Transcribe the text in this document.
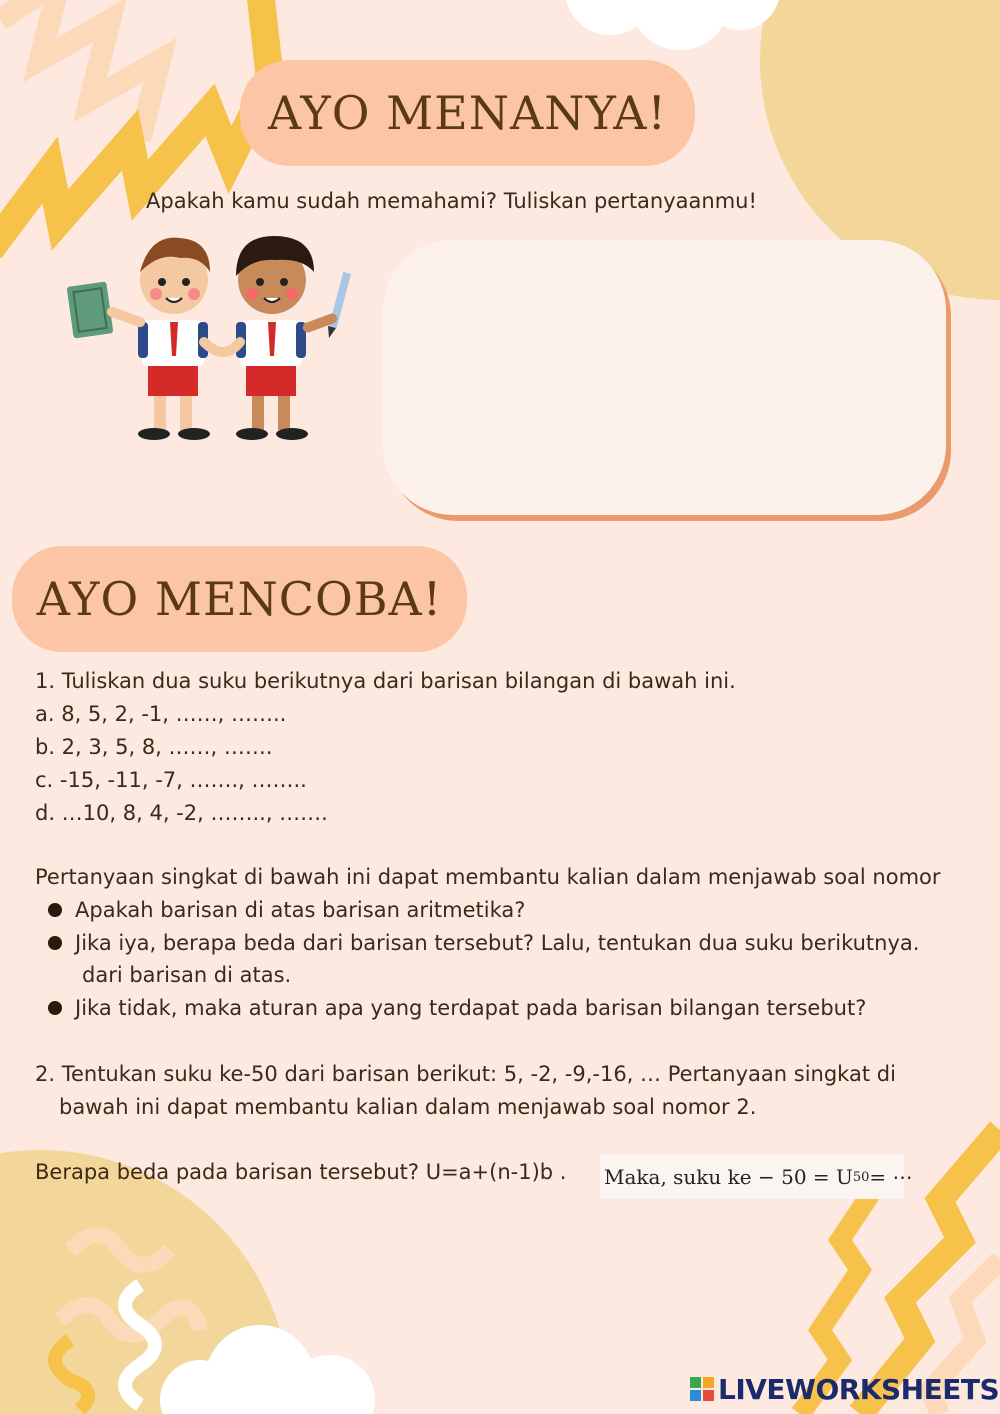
AYO MENANYA!
Apakah kamu sudah memahami? Tuliskan pertanyaanmu!
AYO MENCOBA!
1. Tuliskan dua suku berikutnya dari barisan bilangan di bawah ini.
a. 8, 5, 2, -1, ……, ……..
b. 2, 3, 5, 8, ……, …….
c. -15, -11, -7, ……., ……..
d. …10, 8, 4, -2, …….., …….
Pertanyaan singkat di bawah ini dapat membantu kalian dalam menjawab soal nomor
Apakah barisan di atas barisan aritmetika?
Jika iya, berapa beda dari barisan tersebut? Lalu, tentukan dua suku berikutnya.
dari barisan di atas.
Jika tidak, maka aturan apa yang terdapat pada barisan bilangan tersebut?
2. Tentukan suku ke-50 dari barisan berikut: 5, -2, -9,-16, … Pertanyaan singkat di
bawah ini dapat membantu kalian dalam menjawab soal nomor 2.
Berapa beda pada barisan tersebut? U=a+(n-1)b . Maka, suku ke − 50 = U 50 = ⋯
LIVEWORKSHEETS
